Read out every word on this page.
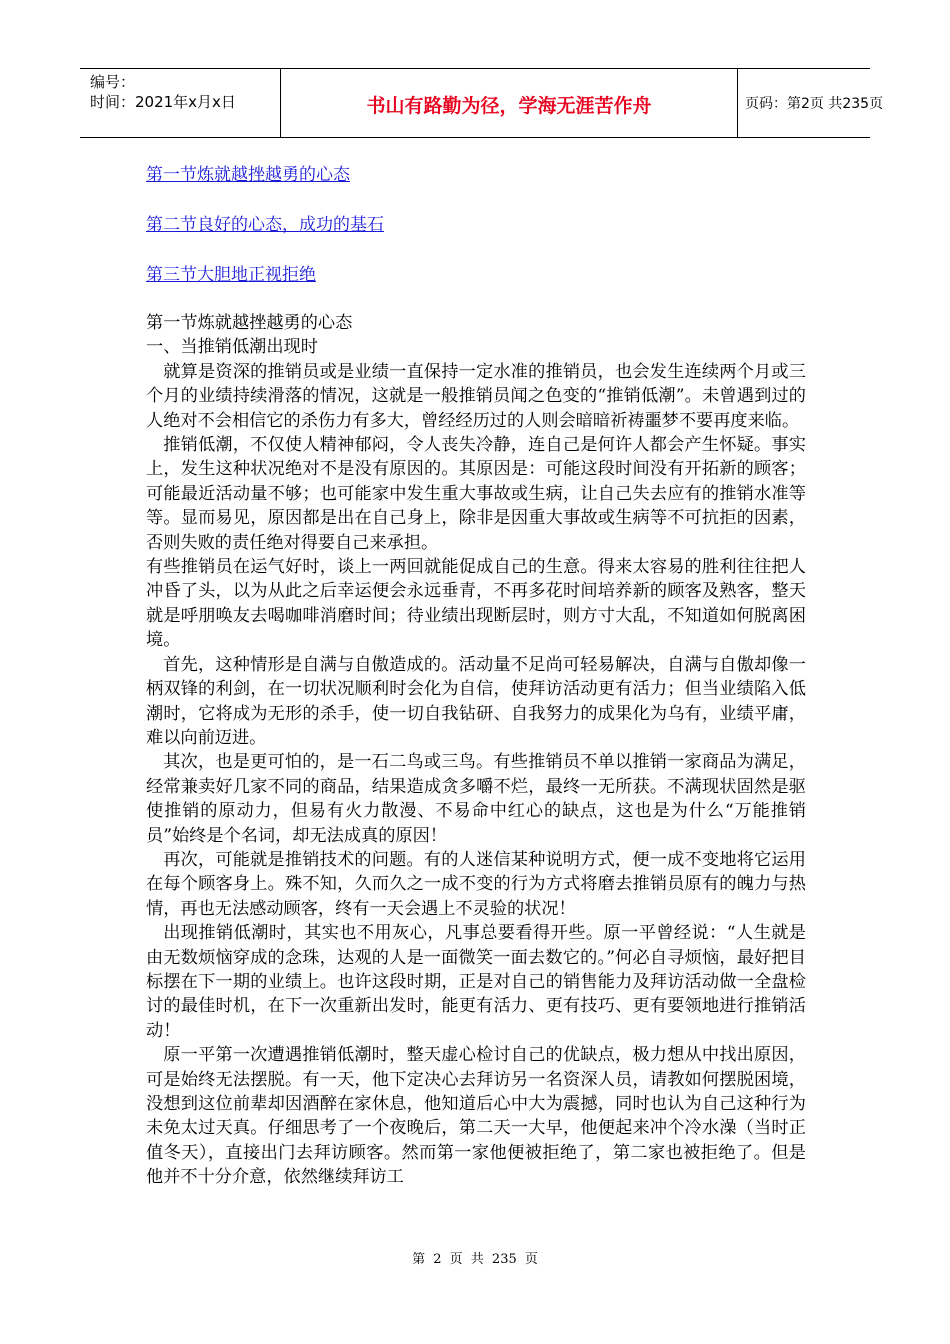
编号：
时间：2021年x月x日	书山有路勤为径，学海无涯苦作舟	页码：第2页 共235页
第一节炼就越挫越勇的心态
第二节良好的心态，成功的基石
第三节大胆地正视拒绝

第一节炼就越挫越勇的心态

一、当推销低潮出现时

就算是资深的推销员或是业绩一直保持一定水准的推销员，也会发生连续两个月或三个月的业绩持续滑落的情况，这就是一般推销员闻之色变的“推销低潮”。未曾遇到过的人绝对不会相信它的杀伤力有多大，曾经经历过的人则会暗暗祈祷噩梦不要再度来临。

推销低潮，不仅使人精神郁闷，令人丧失冷静，连自己是何许人都会产生怀疑。事实上，发生这种状况绝对不是没有原因的。其原因是：可能这段时间没有开拓新的顾客；可能最近活动量不够；也可能家中发生重大事故或生病，让自己失去应有的推销水准等等。显而易见，原因都是出在自己身上，除非是因重大事故或生病等不可抗拒的因素，否则失败的责任绝对得要自己来承担。

有些推销员在运气好时，谈上一两回就能促成自己的生意。得来太容易的胜利往往把人冲昏了头，以为从此之后幸运便会永远垂青，不再多花时间培养新的顾客及熟客，整天就是呼朋唤友去喝咖啡消磨时间；待业绩出现断层时，则方寸大乱，不知道如何脱离困境。

首先，这种情形是自满与自傲造成的。活动量不足尚可轻易解决，自满与自傲却像一柄双锋的利剑，在一切状况顺利时会化为自信，使拜访活动更有活力；但当业绩陷入低潮时，它将成为无形的杀手，使一切自我钻研、自我努力的成果化为乌有，业绩平庸，难以向前迈进。

其次，也是更可怕的，是一石二鸟或三鸟。有些推销员不单以推销一家商品为满足，经常兼卖好几家不同的商品，结果造成贪多嚼不烂，最终一无所获。不满现状固然是驱使推销的原动力，但易有火力散漫、不易命中红心的缺点，这也是为什么“万能推销员”始终是个名词，却无法成真的原因！

再次，可能就是推销技术的问题。有的人迷信某种说明方式，便一成不变地将它运用在每个顾客身上。殊不知，久而久之一成不变的行为方式将磨去推销员原有的魄力与热情，再也无法感动顾客，终有一天会遇上不灵验的状况！

出现推销低潮时，其实也不用灰心，凡事总要看得开些。原一平曾经说：“人生就是由无数烦恼穿成的念珠，达观的人是一面微笑一面去数它的。”何必自寻烦恼，最好把目标摆在下一期的业绩上。也许这段时期，正是对自己的销售能力及拜访活动做一全盘检讨的最佳时机，在下一次重新出发时，能更有活力、更有技巧、更有要领地进行推销活动！

原一平第一次遭遇推销低潮时，整天虚心检讨自己的优缺点，极力想从中找出原因，可是始终无法摆脱。有一天，他下定决心去拜访另一名资深人员，请教如何摆脱困境，没想到这位前辈却因酒醉在家休息，他知道后心中大为震撼，同时也认为自己这种行为未免太过天真。仔细思考了一个夜晚后，第二天一大早，他便起来冲个冷水澡（当时正值冬天），直接出门去拜访顾客。然而第一家他便被拒绝了，第二家也被拒绝了。但是他并不十分介意，依然继续拜访工

第 2 页 共 235 页
